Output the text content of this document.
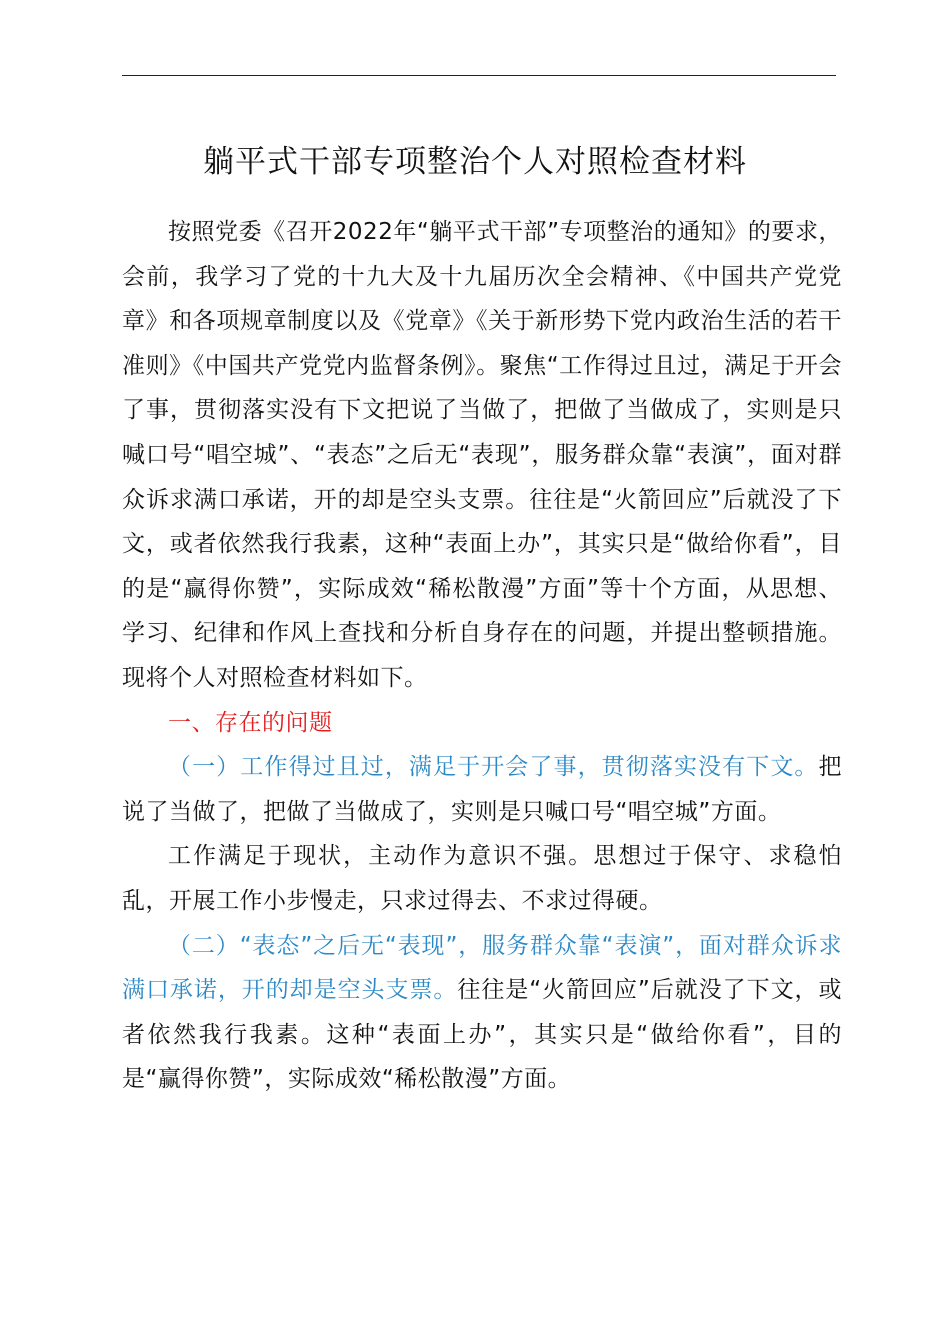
躺平式干部专项整治个人对照检查材料

按照党委《召开2022年“躺平式干部”专项整治的通知》的要求，会前，我学习了党的十九大及十九届历次全会精神、《中国共产党党章》和各项规章制度以及《党章》《关于新形势下党内政治生活的若干准则》《中国共产党党内监督条例》。聚焦“工作得过且过，满足于开会了事，贯彻落实没有下文把说了当做了，把做了当做成了，实则是只喊口号“唱空城”、“表态”之后无“表现”，服务群众靠“表演”，面对群众诉求满口承诺，开的却是空头支票。往往是“火箭回应”后就没了下文，或者依然我行我素，这种“表面上办”，其实只是“做给你看”，目的是“赢得你赞”，实际成效“稀松散漫”方面”等十个方面，从思想、学习、纪律和作风上查找和分析自身存在的问题，并提出整顿措施。现将个人对照检查材料如下。

一、存在的问题

（一）工作得过且过，满足于开会了事，贯彻落实没有下文。把说了当做了，把做了当做成了，实则是只喊口号“唱空城”方面。

工作满足于现状，主动作为意识不强。思想过于保守、求稳怕乱，开展工作小步慢走，只求过得去、不求过得硬。

（二）“表态”之后无“表现”，服务群众靠“表演”，面对群众诉求满口承诺，开的却是空头支票。往往是“火箭回应”后就没了下文，或者依然我行我素。这种“表面上办”，其实只是“做给你看”，目的是“赢得你赞”，实际成效“稀松散漫”方面。
